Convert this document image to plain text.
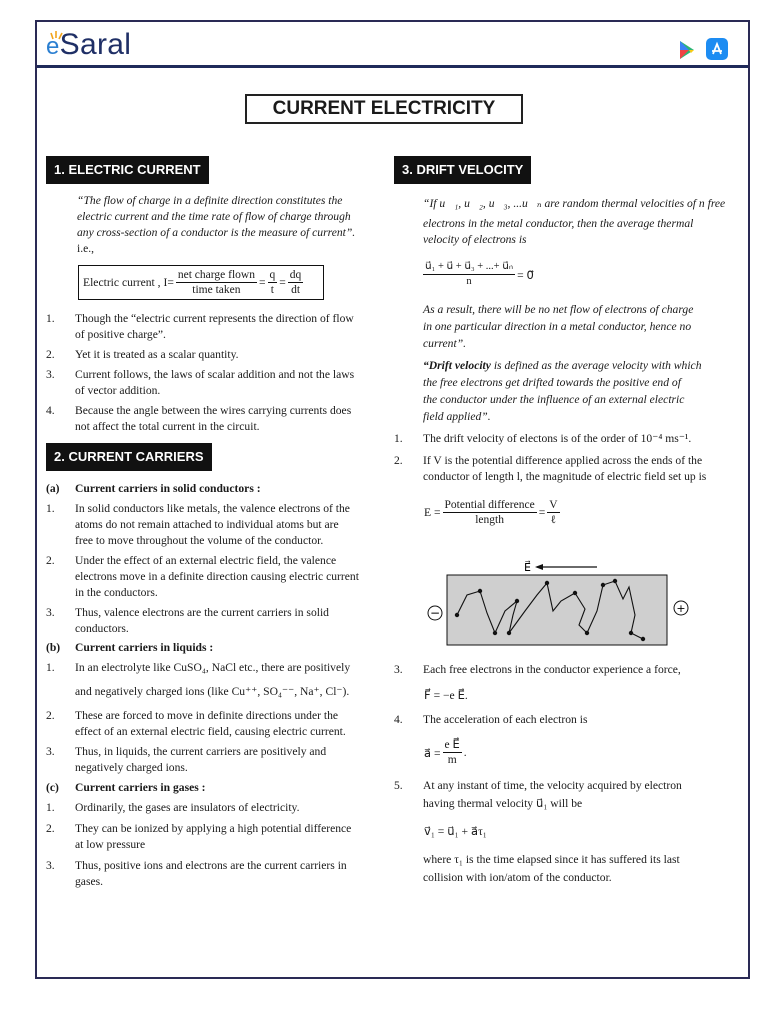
eSaral
CURRENT ELECTRICITY
1. ELECTRIC CURRENT
“The flow of charge in a definite direction constitutes the
electric current and the time rate of flow of charge through
any cross-section of a conductor is the measure of current”.
i.e.,
Electric current , $I= \frac{\text{net charge flown}}{\text{time taken}} = \frac{q}{t} = \frac{dq}{dt}$
1. Though the “electric current represents the direction of flow
of positive charge”.
2. Yet it is treated as a scalar quantity.
3. Current follows, the laws of scalar addition and not the laws
of vector addition.
4. Because the angle between the wires carrying currents does
not affect the total current in the circuit.
2. CURRENT CARRIERS
(a) Current carriers in solid conductors :
1. In solid conductors like metals, the valence electrons of the
atoms do not remain attached to individual atoms but are
free to move throughout the volume of the conductor.
2. Under the effect of an external electric field, the valence
electrons move in a definite direction causing electric current
in the conductors.
3. Thus, valence electrons are the current carriers in solid
conductors.
(b) Current carriers in liquids :
1. In an electrolyte like CuSO₄, NaCl etc., there are positively
and negatively charged ions (like Cu⁺⁺, SO₄⁻⁻, Na⁺, Cl⁻).
2. These are forced to move in definite directions under the
effect of an external electric field, causing electric current.
3. Thus, in liquids, the current carriers are positively and
negatively charged ions.
(c) Current carriers in gases :
1. Ordinarily, the gases are insulators of electricity.
2. They can be ionized by applying a high potential difference
at low pressure
3. Thus, positive ions and electrons are the current carriers in
gases.
3. DRIFT VELOCITY
“If u⃗₁, u⃗₂, u⃗₃, ...u⃗ₙ are random thermal velocities of n free
electrons in the metal conductor, then the average thermal
velocity of electrons is
$\frac{\text{u⃗₁ + u⃗ + u⃗₃ + ...+ u⃗ₙ}}{n}$ = 0⃗
As a result, there will be no net flow of electrons of charge
in one particular direction in a metal conductor, hence no
current”.
“Drift velocity is defined as the average velocity with which
the free electrons get drifted towards the positive end of
the conductor under the influence of an external electric
field applied”.
1. The drift velocity of electons is of the order of 10⁻⁴ ms⁻¹.
2. If V is the potential difference applied across the ends of the
conductor of length l, the magnitude of electric field set up is
$E = \frac{\text{Potential difference}}{\text{length}} = \frac{V}{\text{ℓ}}$
E⃗
−	+
3. Each free electrons in the conductor experience a force,
F⃗ = −e E⃗.
4. The acceleration of each electron is
a⃗ = $\frac{\text{e E⃗}}{m}$ .
5. At any instant of time, the velocity acquired by electron
having thermal velocity u⃗₁ will be
v⃗₁ = u⃗₁ + a⃗τ₁
where τ₁ is the time elapsed since it has suffered its last
collision with ion/atom of the conductor.
